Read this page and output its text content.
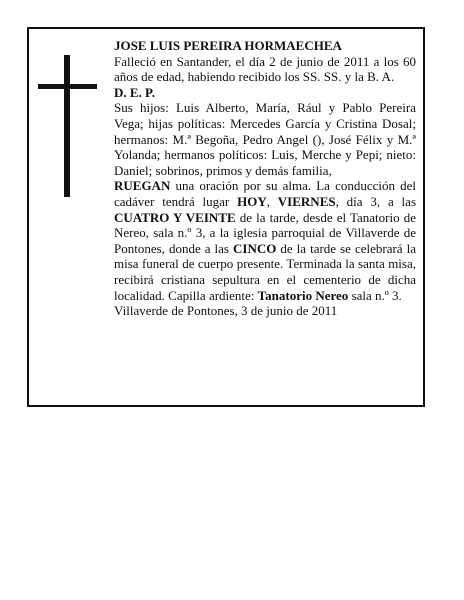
JOSE LUIS PEREIRA HORMAECHEA

Falleció en Santander, el día 2 de junio de 2011 a los 60 años de edad, habiendo recibido los SS. SS. y la B. A.

D. E. P.

Sus hijos: Luis Alberto, María, Rául y Pablo Pereira Vega; hijas políticas: Mercedes García y Cristina Dosal; hermanos: M.ª Begoña, Pedro Angel (), José Félix y M.ª Yolanda; hermanos políticos: Luis, Merche y Pepi; nieto: Daniel; sobrinos, primos y demás familia,

RUEGAN una oración por su alma. La conducción del cadáver tendrá lugar HOY, VIERNES, día 3, a las CUATRO Y VEINTE de la tarde, desde el Tanatorio de Nereo, sala n.º 3, a la iglesia parroquial de Villaverde de Pontones, donde a las CINCO de la tarde se celebrará la misa funeral de cuerpo presente. Terminada la santa misa, recibirá cristiana sepultura en el cementerio de dicha localidad. Capilla ardiente: Tanatorio Nereo sala n.º 3.

Villaverde de Pontones, 3 de junio de 2011
